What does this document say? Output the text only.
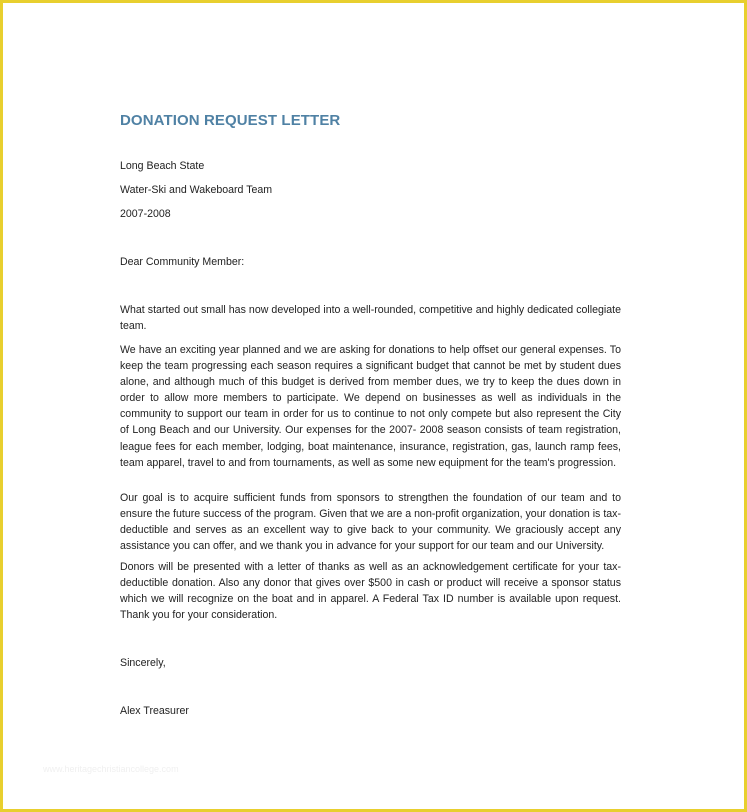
DONATION REQUEST LETTER

Long Beach State

Water-Ski and Wakeboard Team

2007-2008

Dear Community Member:

What started out small has now developed into a well-rounded, competitive and highly dedicated collegiate team.

We have an exciting year planned and we are asking for donations to help offset our general expenses. To keep the team progressing each season requires a significant budget that cannot be met by student dues alone, and although much of this budget is derived from member dues, we try to keep the dues down in order to allow more members to participate. We depend on businesses as well as individuals in the community to support our team in order for us to continue to not only compete but also represent the City of Long Beach and our University. Our expenses for the 2007- 2008 season consists of team registration, league fees for each member, lodging, boat maintenance, insurance, registration, gas, launch ramp fees, team apparel, travel to and from tournaments, as well as some new equipment for the team's progression.

Our goal is to acquire sufficient funds from sponsors to strengthen the foundation of our team and to ensure the future success of the program. Given that we are a non-profit organization, your donation is tax-deductible and serves as an excellent way to give back to your community. We graciously accept any assistance you can offer, and we thank you in advance for your support for our team and our University.

Donors will be presented with a letter of thanks as well as an acknowledgement certificate for your tax-deductible donation. Also any donor that gives over $500 in cash or product will receive a sponsor status which we will recognize on the boat and in apparel. A Federal Tax ID number is available upon request. Thank you for your consideration.

Sincerely,

Alex Treasurer

www.heritagechristiancollege.com
